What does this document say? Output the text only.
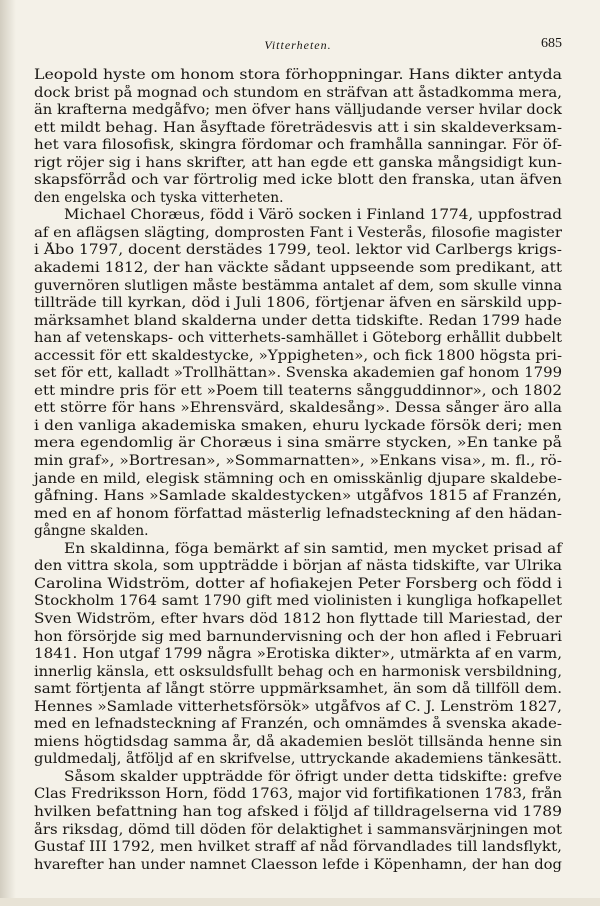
Vitterheten.	685
Leopold hyste om honom stora förhoppningar. Hans dikter antyda
dock brist på mognad och stundom en sträfvan att åstadkomma mera,
än krafterna medgåfvo; men öfver hans välljudande verser hvilar dock
ett mildt behag. Han åsyftade företrädesvis att i sin skaldeverksam-
het vara filosofisk, skingra fördomar och framhålla sanningar. För öf-
rigt röjer sig i hans skrifter, att han egde ett ganska mångsidigt kun-
skapsförråd och var förtrolig med icke blott den franska, utan äfven
den engelska och tyska vitterheten.
Michael Choræus, född i Värö socken i Finland 1774, uppfostrad
af en aflägsen slägting, domprosten Fant i Vesterås, filosofie magister
i Åbo 1797, docent derstädes 1799, teol. lektor vid Carlbergs krigs-
akademi 1812, der han väckte sådant uppseende som predikant, att
guvernören slutligen måste bestämma antalet af dem, som skulle vinna
tillträde till kyrkan, död i Juli 1806, förtjenar äfven en särskild upp-
märksamhet bland skalderna under detta tidskifte. Redan 1799 hade
han af vetenskaps- och vitterhets-samhället i Göteborg erhållit dubbelt
accessit för ett skaldestycke, »Yppigheten», och fick 1800 högsta pri-
set för ett, kalladt »Trollhättan». Svenska akademien gaf honom 1799
ett mindre pris för ett »Poem till teaterns sångguddinnor», och 1802
ett större för hans »Ehrensvärd, skaldesång». Dessa sånger äro alla
i den vanliga akademiska smaken, ehuru lyckade försök deri; men
mera egendomlig är Choræus i sina smärre stycken, »En tanke på
min graf», »Bortresan», »Sommarnatten», »Enkans visa», m. fl., rö-
jande en mild, elegisk stämning och en omisskänlig djupare skaldebe-
gåfning. Hans »Samlade skaldestycken» utgåfvos 1815 af Franzén,
med en af honom författad mästerlig lefnadsteckning af den hädan-
gångne skalden.
En skaldinna, föga bemärkt af sin samtid, men mycket prisad af
den vittra skola, som uppträdde i början af nästa tidskifte, var Ulrika
Carolina Widström, dotter af hofiakejen Peter Forsberg och född i
Stockholm 1764 samt 1790 gift med violinisten i kungliga hofkapellet
Sven Widström, efter hvars död 1812 hon flyttade till Mariestad, der
hon försörjde sig med barnundervisning och der hon afled i Februari
1841. Hon utgaf 1799 några »Erotiska dikter», utmärkta af en varm,
innerlig känsla, ett osksuldsfullt behag och en harmonisk versbildning,
samt förtjenta af långt större uppmärksamhet, än som då tillföll dem.
Hennes »Samlade vitterhetsförsök» utgåfvos af C. J. Lenström 1827,
med en lefnadsteckning af Franzén, och omnämdes å svenska akade-
miens högtidsdag samma år, då akademien beslöt tillsända henne sin
guldmedalj, åtföljd af en skrifvelse, uttryckande akademiens tänkesätt.
Såsom skalder uppträdde för öfrigt under detta tidskifte: grefve
Clas Fredriksson Horn, född 1763, major vid fortifikationen 1783, från
hvilken befattning han tog afsked i följd af tilldragelserna vid 1789
års riksdag, dömd till döden för delaktighet i sammansvärjningen mot
Gustaf III 1792, men hvilket straff af nåd förvandlades till landsflykt,
hvarefter han under namnet Claesson lefde i Köpenhamn, der han dog
